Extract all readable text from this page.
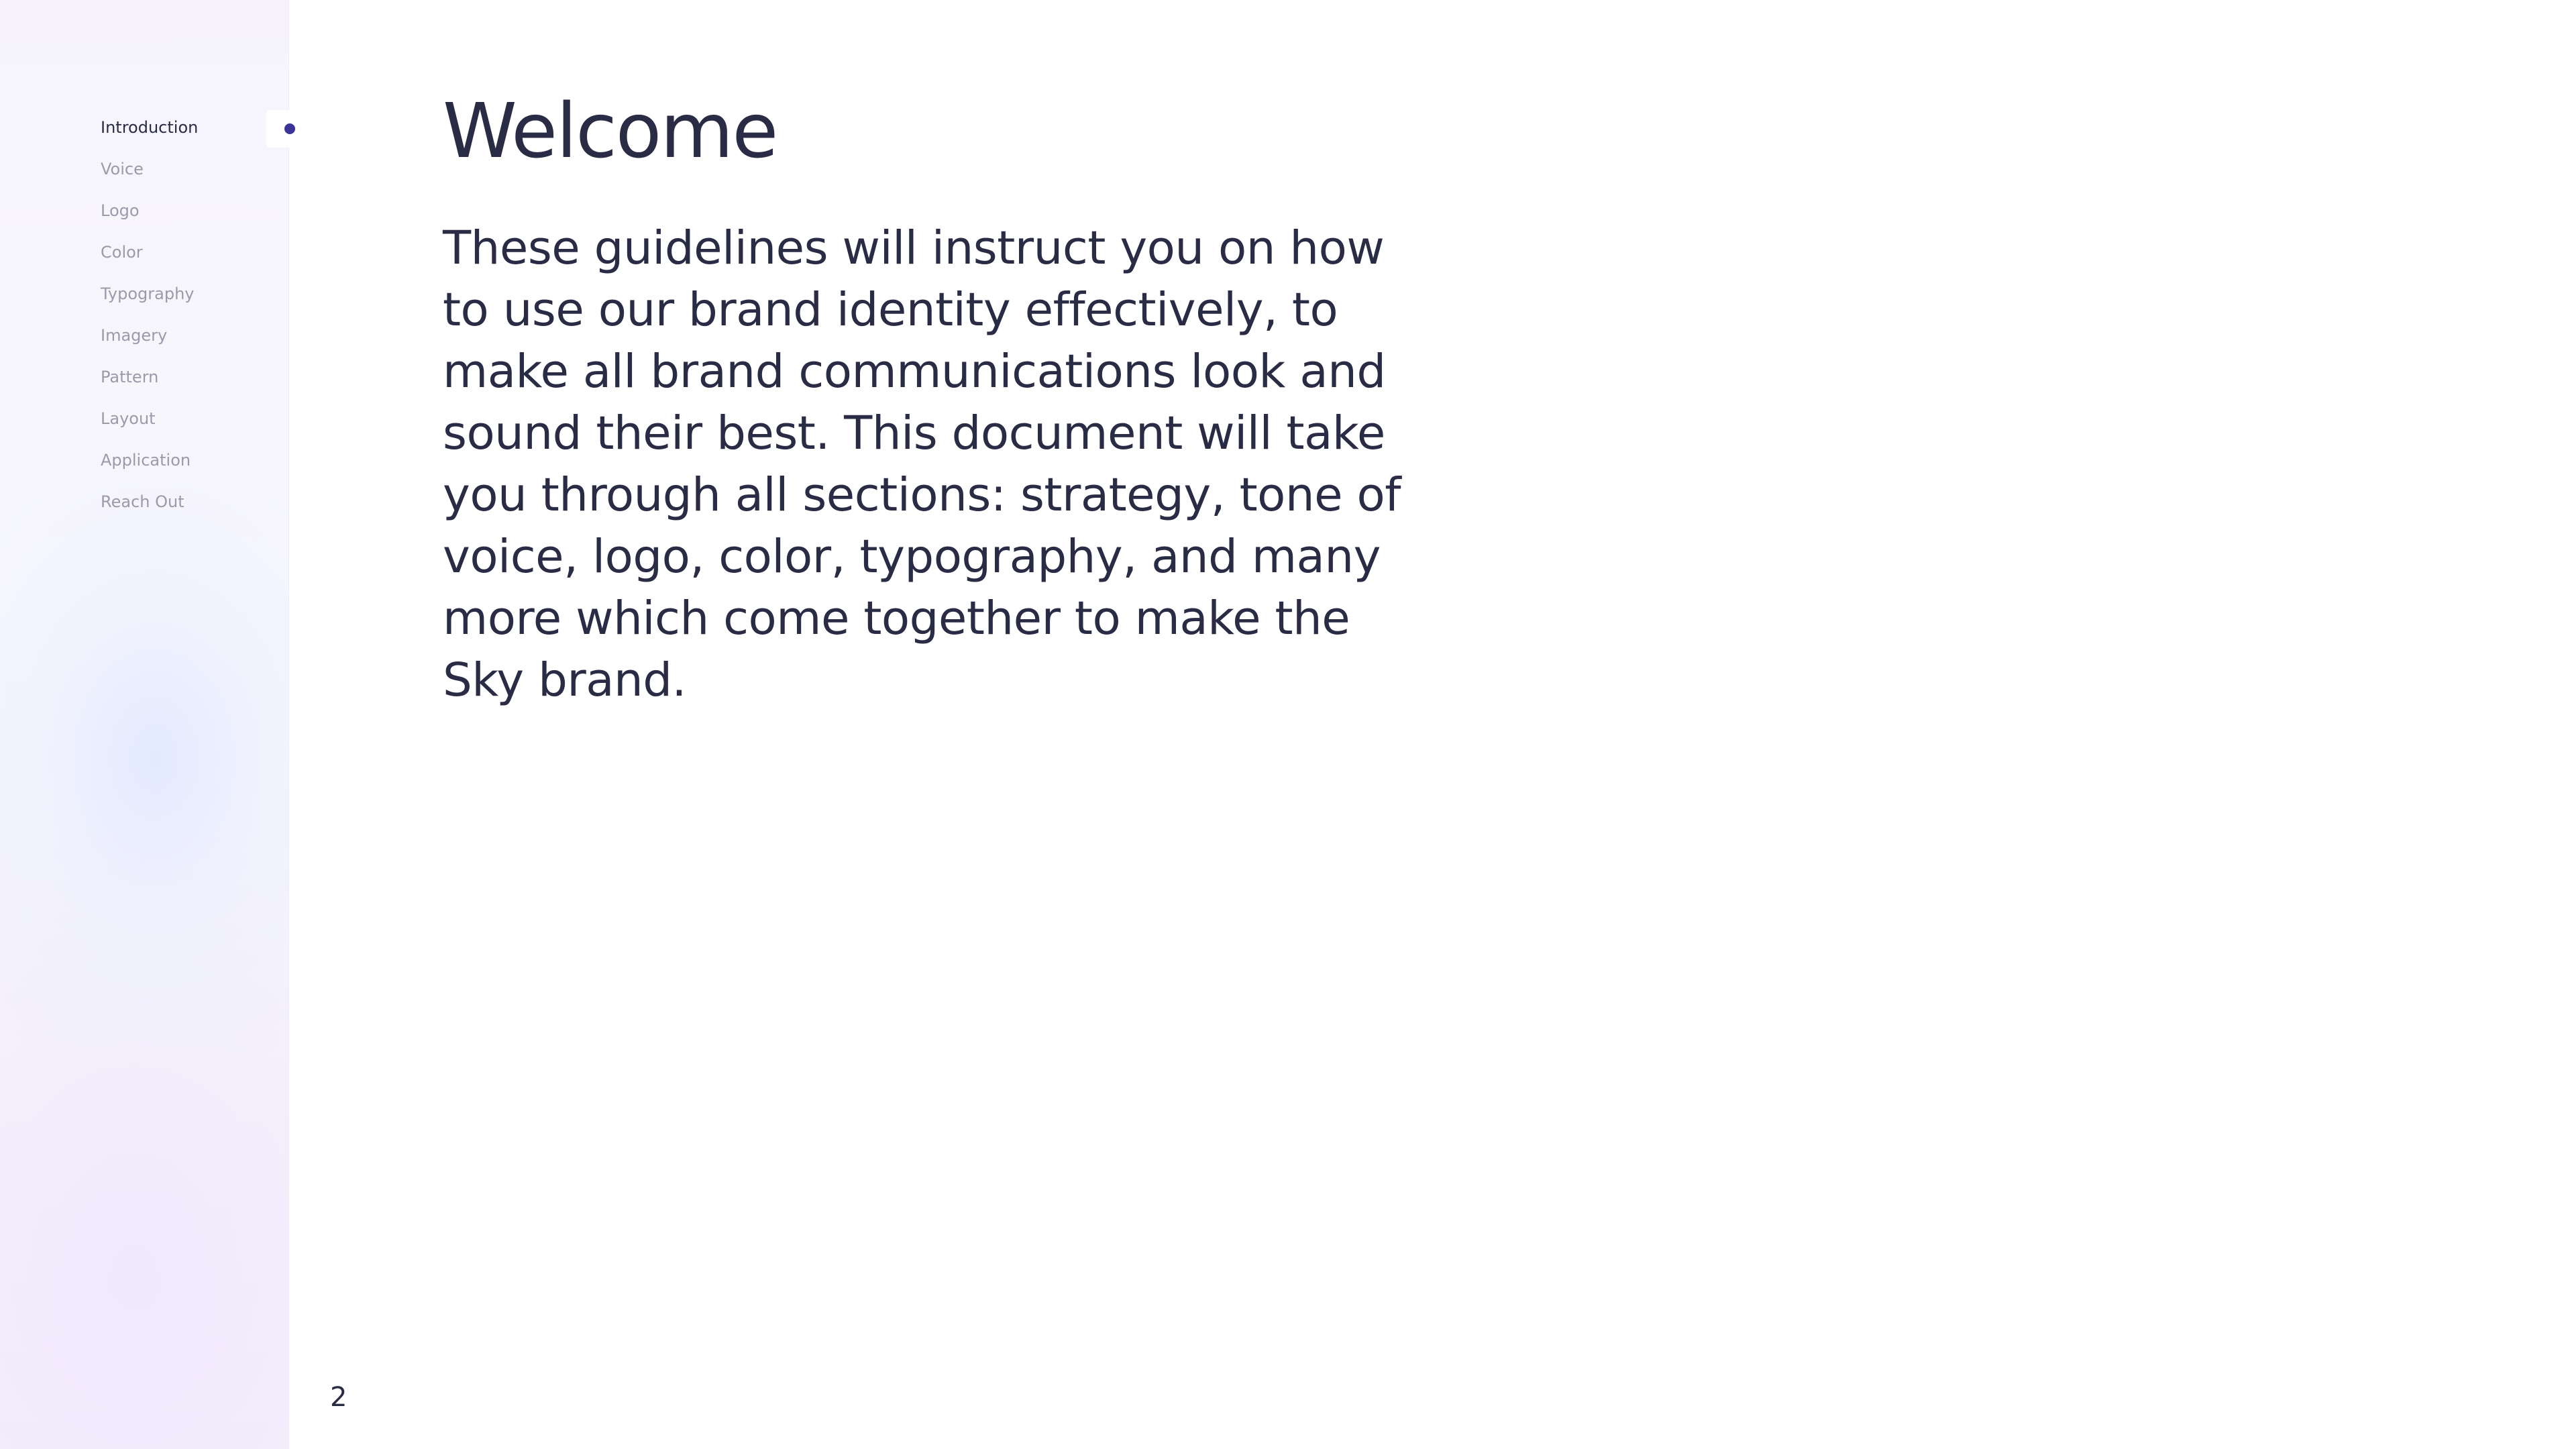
Introduction
Voice
Logo
Color
Typography
Imagery
Pattern
Layout
Application
Reach Out
Welcome

These guidelines will instruct you on how to use our brand identity effectively, to make all brand communications look and sound their best. This document will take you through all sections: strategy, tone of voice, logo, color, typography, and many more which come together to make the Sky brand.

2
